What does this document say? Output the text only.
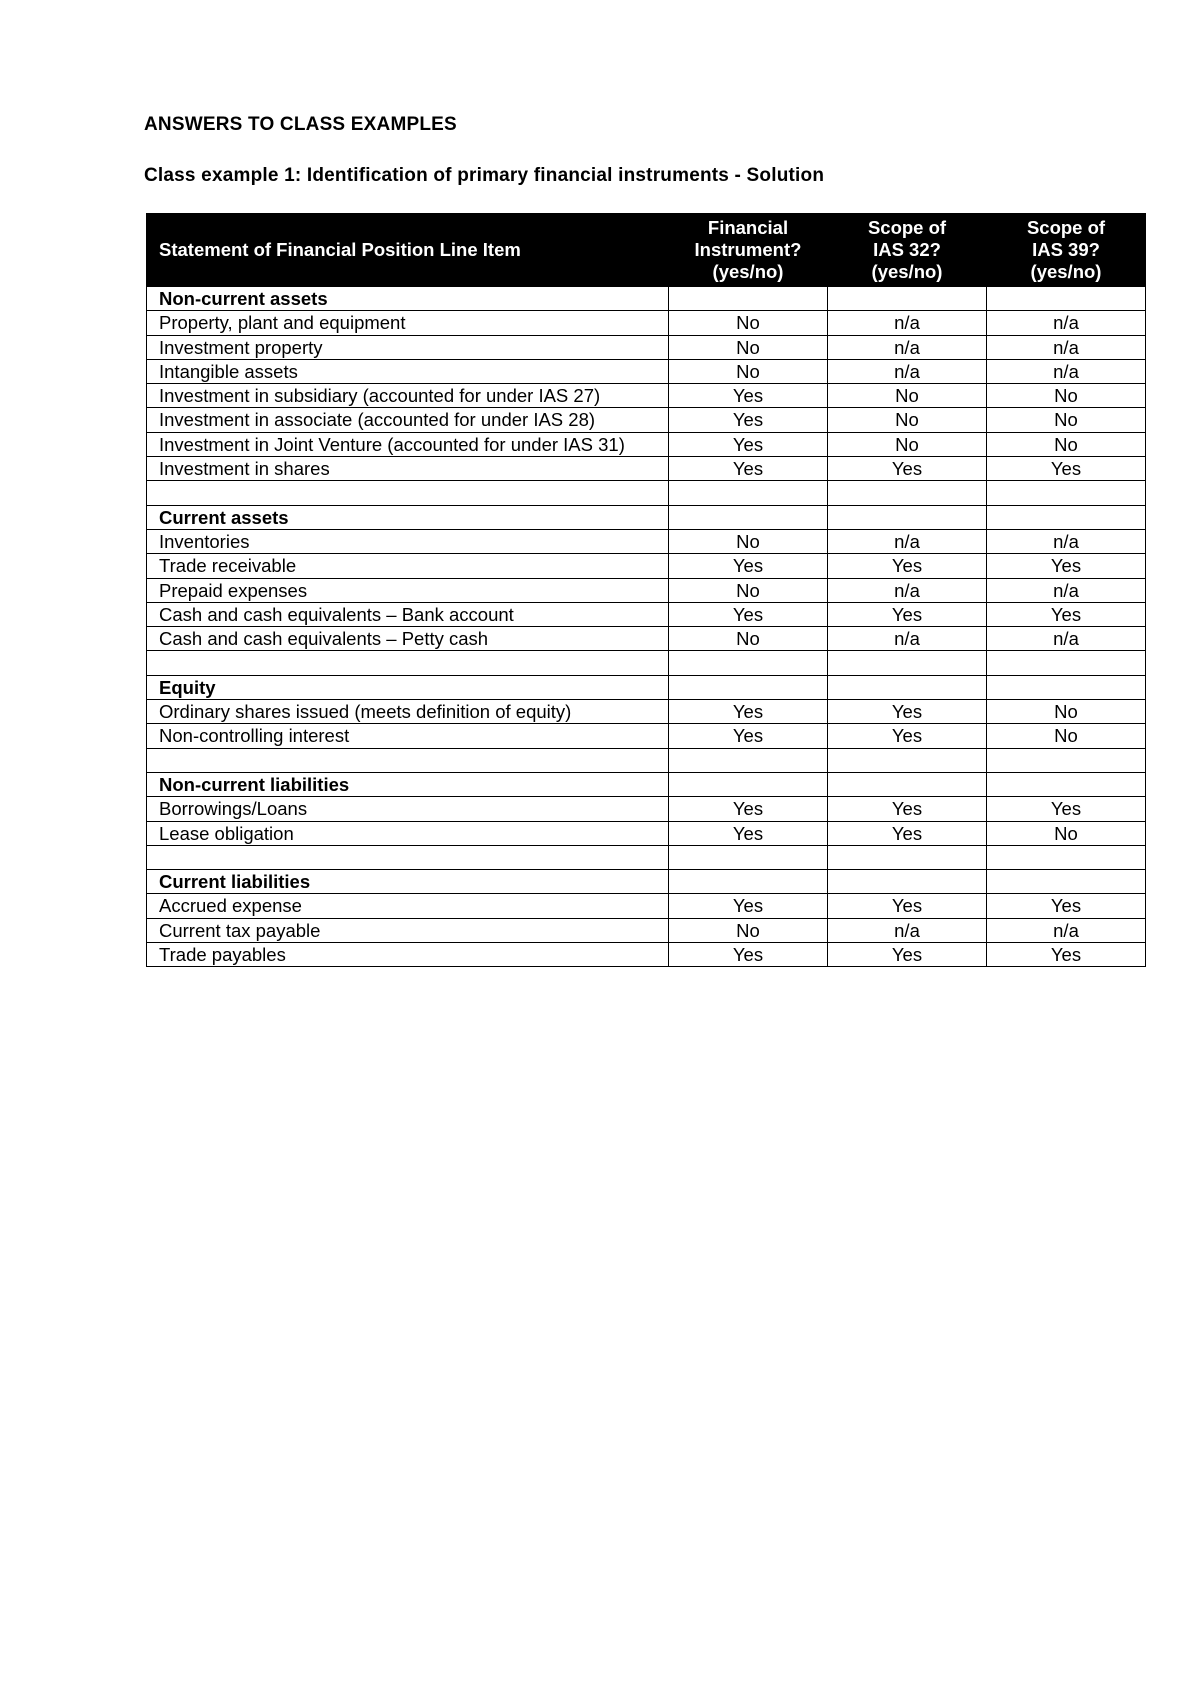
ANSWERS TO CLASS EXAMPLES
Class example 1: Identification of primary financial instruments - Solution
Statement of Financial Position Line Item	Financial
Instrument?
(yes/no)	Scope of
IAS 32?
(yes/no)	Scope of
IAS 39?
(yes/no)
Non-current assets			
Property, plant and equipment	No	n/a	n/a
Investment property	No	n/a	n/a
Intangible assets	No	n/a	n/a
Investment in subsidiary (accounted for under IAS 27)	Yes	No	No
Investment in associate (accounted for under IAS 28)	Yes	No	No
Investment in Joint Venture (accounted for under IAS 31)	Yes	No	No
Investment in shares	Yes	Yes	Yes

Current assets			
Inventories	No	n/a	n/a
Trade receivable	Yes	Yes	Yes
Prepaid expenses	No	n/a	n/a
Cash and cash equivalents – Bank account	Yes	Yes	Yes
Cash and cash equivalents – Petty cash	No	n/a	n/a

Equity			
Ordinary shares issued (meets definition of equity)	Yes	Yes	No
Non-controlling interest	Yes	Yes	No

Non-current liabilities			
Borrowings/Loans	Yes	Yes	Yes
Lease obligation	Yes	Yes	No

Current liabilities			
Accrued expense	Yes	Yes	Yes
Current tax payable	No	n/a	n/a
Trade payables	Yes	Yes	Yes
